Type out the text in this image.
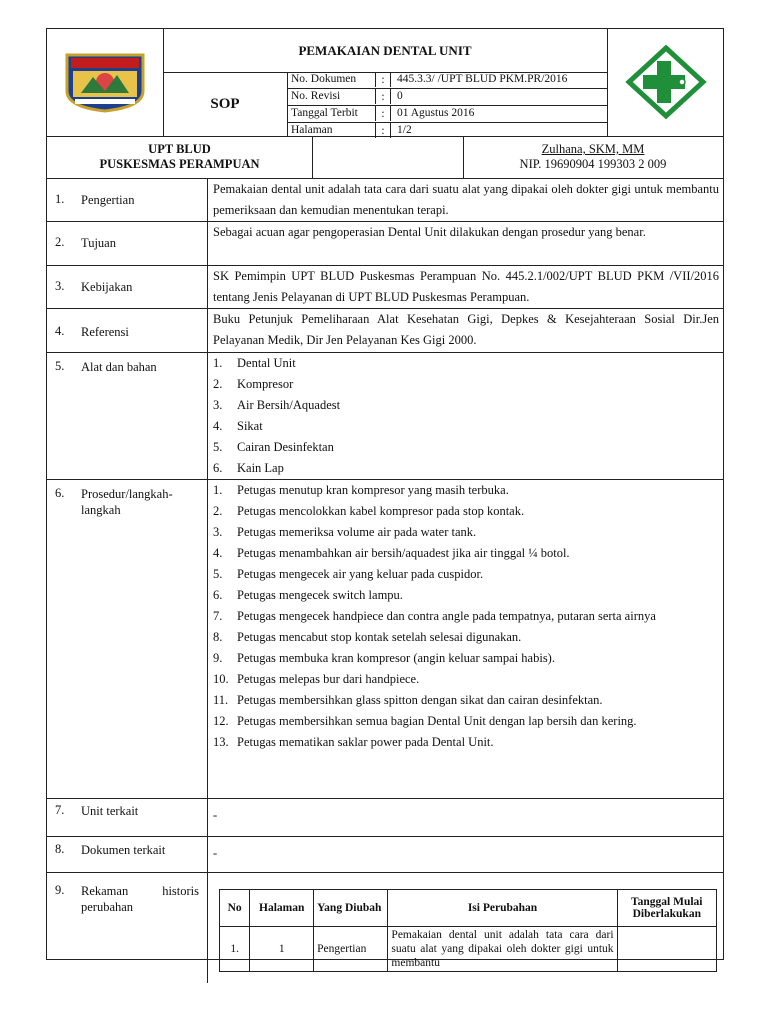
PEMAKAIAN DENTAL UNIT
SOP
No. Dokumen	:	445.3.3/ /UPT BLUD PKM.PR/2016
No. Revisi	:	0
Tanggal Terbit	:	01 Agustus 2016
Halaman	:	1/2
UPT BLUD
PUSKESMAS PERAMPUAN
Zulhana, SKM, MM
NIP. 19690904 199303 2 009
1. Pengertian
Pemakaian dental unit adalah tata cara dari suatu alat yang dipakai oleh dokter gigi untuk membantu pemeriksaan dan kemudian menentukan terapi.
2. Tujuan
Sebagai acuan agar pengoperasian Dental Unit dilakukan dengan prosedur yang benar.
3. Kebijakan
SK Pemimpin UPT BLUD Puskesmas Perampuan No. 445.2.1/002/UPT BLUD PKM /VII/2016 tentang Jenis Pelayanan di UPT BLUD Puskesmas Perampuan.
4. Referensi
Buku Petunjuk Pemeliharaan Alat Kesehatan Gigi, Depkes & Kesejahteraan Sosial Dir.Jen Pelayanan Medik, Dir Jen Pelayanan Kes Gigi 2000.
5. Alat dan bahan	1. Dental Unit
2. Kompresor
3. Air Bersih/Aquadest
4. Sikat
5. Cairan Desinfektan
6. Kain Lap
6. Prosedur/langkah-langkah
1. Petugas menutup kran kompresor yang masih terbuka.
2. Petugas mencolokkan kabel kompresor pada stop kontak.
3. Petugas memeriksa volume air pada water tank.
4. Petugas menambahkan air bersih/aquadest jika air tinggal ¼ botol.
5. Petugas mengecek air yang keluar pada cuspidor.
6. Petugas mengecek switch lampu.
7. Petugas mengecek handpiece dan contra angle pada tempatnya, putaran serta airnya
8. Petugas mencabut stop kontak setelah selesai digunakan.
9. Petugas membuka kran kompresor (angin keluar sampai habis).
10. Petugas melepas bur dari handpiece.
11. Petugas membersihkan glass spitton dengan sikat dan cairan desinfektan.
12. Petugas membersihkan semua bagian Dental Unit dengan lap bersih dan kering.
13. Petugas mematikan saklar power pada Dental Unit.
7. Unit terkait	-
8. Dokumen terkait	-
9. Rekaman historis perubahan	No	Halaman	Yang Diubah	Isi Perubahan	Tanggal Mulai Diberlakukan
1.	1	Pengertian	Pemakaian dental unit adalah tata cara dari suatu alat yang dipakai oleh dokter gigi untuk membantu	
